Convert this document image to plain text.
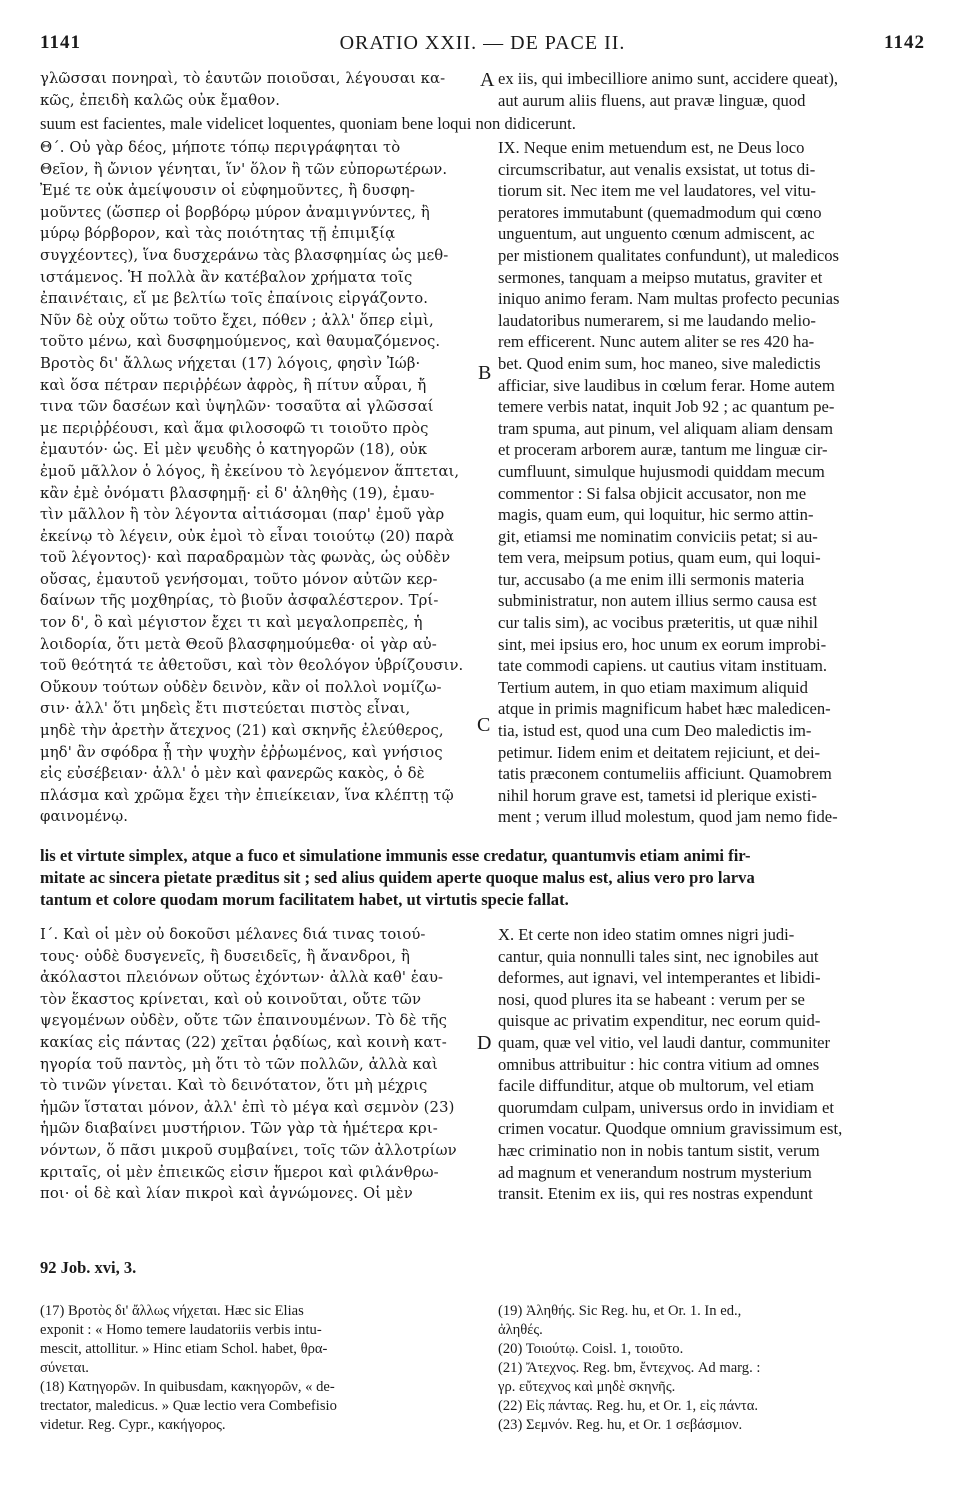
1141	ORATIO XXII. — DE PACE II.	1142
A
B
C
D
γλῶσσαι πονηραὶ, τὸ ἑαυτῶν ποιοῦσαι, λέγουσαι κα-
κῶς, ἐπειδὴ καλῶς οὐκ ἔμαθον.
ex iis, qui imbecilliore animo sunt, accidere queat),
aut aurum aliis fluens, aut pravæ linguæ, quod
suum est facientes, male videlicet loquentes, quoniam bene loqui non didicerunt.
Θ΄. Οὐ γὰρ δέος, μήποτε τόπῳ περιγράφηται τὸ
Θεῖον, ἢ ὤνιον γένηται, ἵν' ὅλον ἢ τῶν εὐπορωτέρων.
Ἐμέ τε οὐκ ἀμείψουσιν οἱ εὐφημοῦντες, ἢ δυσφη-
μοῦντες (ὥσπερ οἱ βορβόρῳ μύρον ἀναμιγνύντες, ἢ
μύρῳ βόρβορον, καὶ τὰς ποιότητας τῇ ἐπιμιξίᾳ
συγχέοντες), ἵνα δυσχεράνω τὰς βλασφημίας ὡς μεθ-
ιστάμενος. Ἡ πολλὰ ἂν κατέβαλον χρήματα τοῖς
ἐπαινέταις, εἴ με βελτίω τοῖς ἐπαίνοις εἰργάζοντο.
Νῦν δὲ οὐχ οὕτω τοῦτο ἔχει, πόθεν ; ἀλλ' ὅπερ εἰμὶ,
τοῦτο μένω, καὶ δυσφημούμενος, καὶ θαυμαζόμενος.
Βροτὸς δι' ἄλλως νήχεται (17) λόγοις, φησὶν Ἰώβ·
καὶ ὅσα πέτραν περιῤῥέων ἀφρὸς, ἢ πίτυν αὖραι, ἤ
τινα τῶν δασέων καὶ ὑψηλῶν· τοσαῦτα αἱ γλῶσσαί
με περιῤῥέουσι, καὶ ἅμα φιλοσοφῶ τι τοιοῦτο πρὸς
ἐμαυτόν· ὡς. Εἰ μὲν ψευδὴς ὁ κατηγορῶν (18), οὐκ
ἐμοῦ μᾶλλον ὁ λόγος, ἢ ἐκείνου τὸ λεγόμενον ἅπτεται,
κἂν ἐμὲ ὀνόματι βλασφημῇ· εἰ δ' ἀληθὴς (19), ἐμαυ-
τὶν μᾶλλον ἢ τὸν λέγοντα αἰτιάσομαι (παρ' ἐμοῦ γὰρ
ἐκείνῳ τὸ λέγειν, οὐκ ἐμοὶ τὸ εἶναι τοιούτῳ (20) παρὰ
τοῦ λέγοντος)· καὶ παραδραμὼν τὰς φωνὰς, ὡς οὐδὲν
οὔσας, ἐμαυτοῦ γενήσομαι, τοῦτο μόνον αὐτῶν κερ-
δαίνων τῆς μοχθηρίας, τὸ βιοῦν ἀσφαλέστερον. Τρί-
τον δ', ὃ καὶ μέγιστον ἔχει τι καὶ μεγαλοπρεπὲς, ἡ
λοιδορία, ὅτι μετὰ Θεοῦ βλασφημούμεθα· οἱ γὰρ αὐ-
τοῦ θεότητά τε ἀθετοῦσι, καὶ τὸν θεολόγον ὑβρίζουσιν.
Οὔκουν τούτων οὐδὲν δεινὸν, κἂν οἱ πολλοὶ νομίζω-
σιν· ἀλλ' ὅτι μηδεὶς ἔτι πιστεύεται πιστὸς εἶναι,
μηδὲ τὴν ἀρετὴν ἄτεχνος (21) καὶ σκηνῆς ἐλεύθερος,
μηδ' ἂν σφόδρα ᾖ τὴν ψυχὴν ἐῤῥωμένος, καὶ γνήσιος
εἰς εὐσέβειαν· ἀλλ' ὁ μὲν καὶ φανερῶς κακὸς, ὁ δὲ
πλάσμα καὶ χρῶμα ἔχει τὴν ἐπιείκειαν, ἵνα κλέπτῃ τῷ
φαινομένῳ.
IX. Neque enim metuendum est, ne Deus loco
circumscribatur, aut venalis exsistat, ut totus di-
tiorum sit. Nec item me vel laudatores, vel vitu-
peratores immutabunt (quemadmodum qui cœno
unguentum, aut unguento cœnum admiscent, ac
per mistionem qualitates confundunt), ut maledicos
sermones, tanquam a meipso mutatus, graviter et
iniquo animo feram. Nam multas profecto pecunias
laudatoribus numerarem, si me laudando melio-
rem efficerent. Nunc autem aliter se res 420 ha-
bet. Quod enim sum, hoc maneo, sive maledictis
afficiar, sive laudibus in cœlum ferar. Home autem
temere verbis natat, inquit Job 92 ; ac quantum pe-
tram spuma, aut pinum, vel aliquam aliam densam
et proceram arborem auræ, tantum me linguæ cir-
cumfluunt, simulque hujusmodi quiddam mecum
commentor : Si falsa objicit accusator, non me
magis, quam eum, qui loquitur, hic sermo attin-
git, etiamsi me nominatim conviciis petat; si au-
tem vera, meipsum potius, quam eum, qui loqui-
tur, accusabo (a me enim illi sermonis materia
subministratur, non autem illius sermo causa est
cur talis sim), ac vocibus præteritis, ut quæ nihil
sint, mei ipsius ero, hoc unum ex eorum improbi-
tate commodi capiens. ut cautius vitam instituam.
Tertium autem, in quo etiam maximum aliquid
atque in primis magnificum habet hæc maledicen-
tia, istud est, quod una cum Deo maledictis im-
petimur. Iidem enim et deitatem rejiciunt, et dei-
tatis præconem contumeliis afficiunt. Quamobrem
nihil horum grave est, tametsi id plerique existi-
ment ; verum illud molestum, quod jam nemo fide-
lis et virtute simplex, atque a fuco et simulatione immunis esse credatur, quantumvis etiam animi fir-
mitate ac sincera pietate præditus sit ; sed alius quidem aperte quoque malus est, alius vero pro larva
tantum et colore quodam morum facilitatem habet, ut virtutis specie fallat.
Ι΄. Καὶ οἱ μὲν οὐ δοκοῦσι μέλανες διά τινας τοιού-
τους· οὐδὲ δυσγενεῖς, ἢ δυσειδεῖς, ἢ ἄνανδροι, ἢ
ἀκόλαστοι πλειόνων οὕτως ἐχόντων· ἀλλὰ καθ' ἑαυ-
τὸν ἕκαστος κρίνεται, καὶ οὐ κοινοῦται, οὔτε τῶν
ψεγομένων οὐδὲν, οὔτε τῶν ἐπαινουμένων. Τὸ δὲ τῆς
κακίας εἰς πάντας (22) χεῖται ῥᾳδίως, καὶ κοινὴ κατ-
ηγορία τοῦ παντὸς, μὴ ὅτι τὸ τῶν πολλῶν, ἀλλὰ καὶ
τὸ τινῶν γίνεται. Καὶ τὸ δεινότατον, ὅτι μὴ μέχρις
ἡμῶν ἵσταται μόνον, ἀλλ' ἐπὶ τὸ μέγα καὶ σεμνὸν (23)
ἡμῶν διαβαίνει μυστήριον. Τῶν γὰρ τὰ ἡμέτερα κρι-
νόντων, ὅ πᾶσι μικροῦ συμβαίνει, τοῖς τῶν ἀλλοτρίων
κριταῖς, οἱ μὲν ἐπιεικῶς εἰσιν ἥμεροι καὶ φιλάνθρω-
ποι· οἱ δὲ καὶ λίαν πικροὶ καὶ ἀγνώμονες. Οἱ μὲν
X. Et certe non ideo statim omnes nigri judi-
cantur, quia nonnulli tales sint, nec ignobiles aut
deformes, aut ignavi, vel intemperantes et libidi-
nosi, quod plures ita se habeant : verum per se
quisque ac privatim expenditur, nec eorum quid-
quam, quæ vel vitio, vel laudi dantur, communiter
omnibus attribuitur : hic contra vitium ad omnes
facile diffunditur, atque ob multorum, vel etiam
quorumdam culpam, universus ordo in invidiam et
crimen vocatur. Quodque omnium gravissimum est,
hæc criminatio non in nobis tantum sistit, verum
ad magnum et venerandum nostrum mysterium
transit. Etenim ex iis, qui res nostras expendunt
92 Job. xvi, 3.
(17) Βροτὸς δι' ἄλλως νήχεται. Hæc sic Elias
exponit : « Homo temere laudatoriis verbis intu-
mescit, attollitur. » Hinc etiam Schol. habet, θρα-
σύνεται.
(18) Κατηγορῶν. In quibusdam, κακηγορῶν, « de-
trectator, maledicus. » Quæ lectio vera Combefisio
videtur. Reg. Cypr., κακήγορος.
(19) Ἀληθής. Sic Reg. hu, et Or. 1. In ed.,
ἀληθές.
(20) Τοιούτῳ. Coisl. 1, τοιοῦτο.
(21) Ἄτεχνος. Reg. bm, ἔντεχνος. Ad marg. :
γρ. εὔτεχνος καὶ μηδὲ σκηνῆς.
(22) Εἰς πάντας. Reg. hu, et Or. 1, εἰς πάντα.
(23) Σεμνόν. Reg. hu, et Or. 1 σεβάσμιον.
